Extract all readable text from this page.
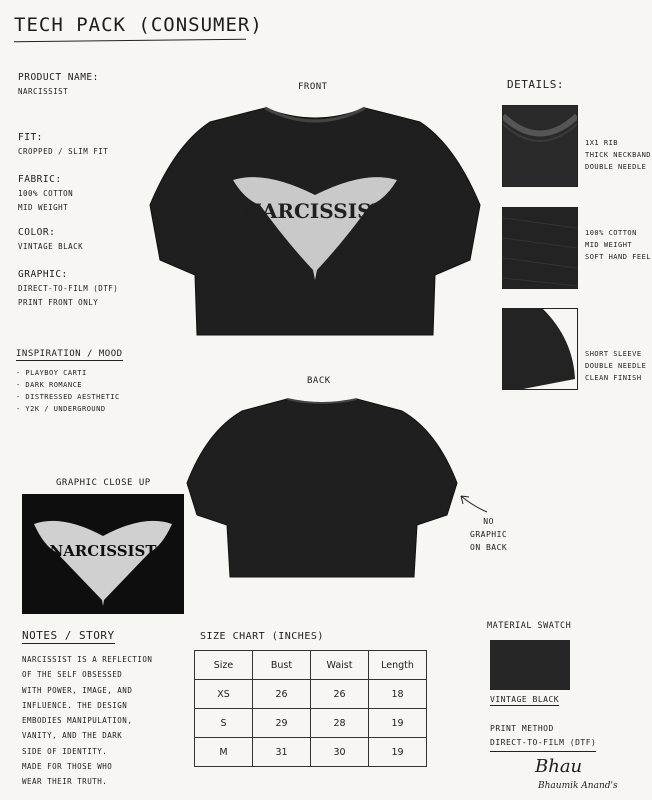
TECH PACK (CONSUMER)
PRODUCT NAME:
NARCISSIST
FIT:
CROPPED / SLIM FIT
FABRIC:
100% COTTON
MID WEIGHT
COLOR:
VINTAGE BLACK
GRAPHIC:
DIRECT-TO-FILM (DTF)
PRINT FRONT ONLY
INSPIRATION / MOOD
- PLAYBOY CARTI
- DARK ROMANCE
- DISTRESSED AESTHETIC
- Y2K / UNDERGROUND
FRONT
NARCISSIST
BACK
NO
GRAPHIC
ON BACK
GRAPHIC CLOSE UP
NARCISSIST
DETAILS:
1X1 RIB
THICK NECKBAND
DOUBLE NEEDLE
100% COTTON
MID WEIGHT
SOFT HAND FEEL
SHORT SLEEVE
DOUBLE NEEDLE
CLEAN FINISH
NOTES / STORY
NARCISSIST IS A REFLECTION
OF THE SELF OBSESSED
WITH POWER, IMAGE, AND
INFLUENCE. THE DESIGN
EMBODIES MANIPULATION,
VANITY, AND THE DARK
SIDE OF IDENTITY.
MADE FOR THOSE WHO
WEAR THEIR TRUTH.
SIZE CHART (INCHES)
Size	Bust	Waist	Length
XS	26	26	18
S	29	28	19
M	31	30	19
MATERIAL SWATCH
VINTAGE BLACK
PRINT METHOD
DIRECT-TO-FILM (DTF)
Bhau
Bhaumik Anand's
